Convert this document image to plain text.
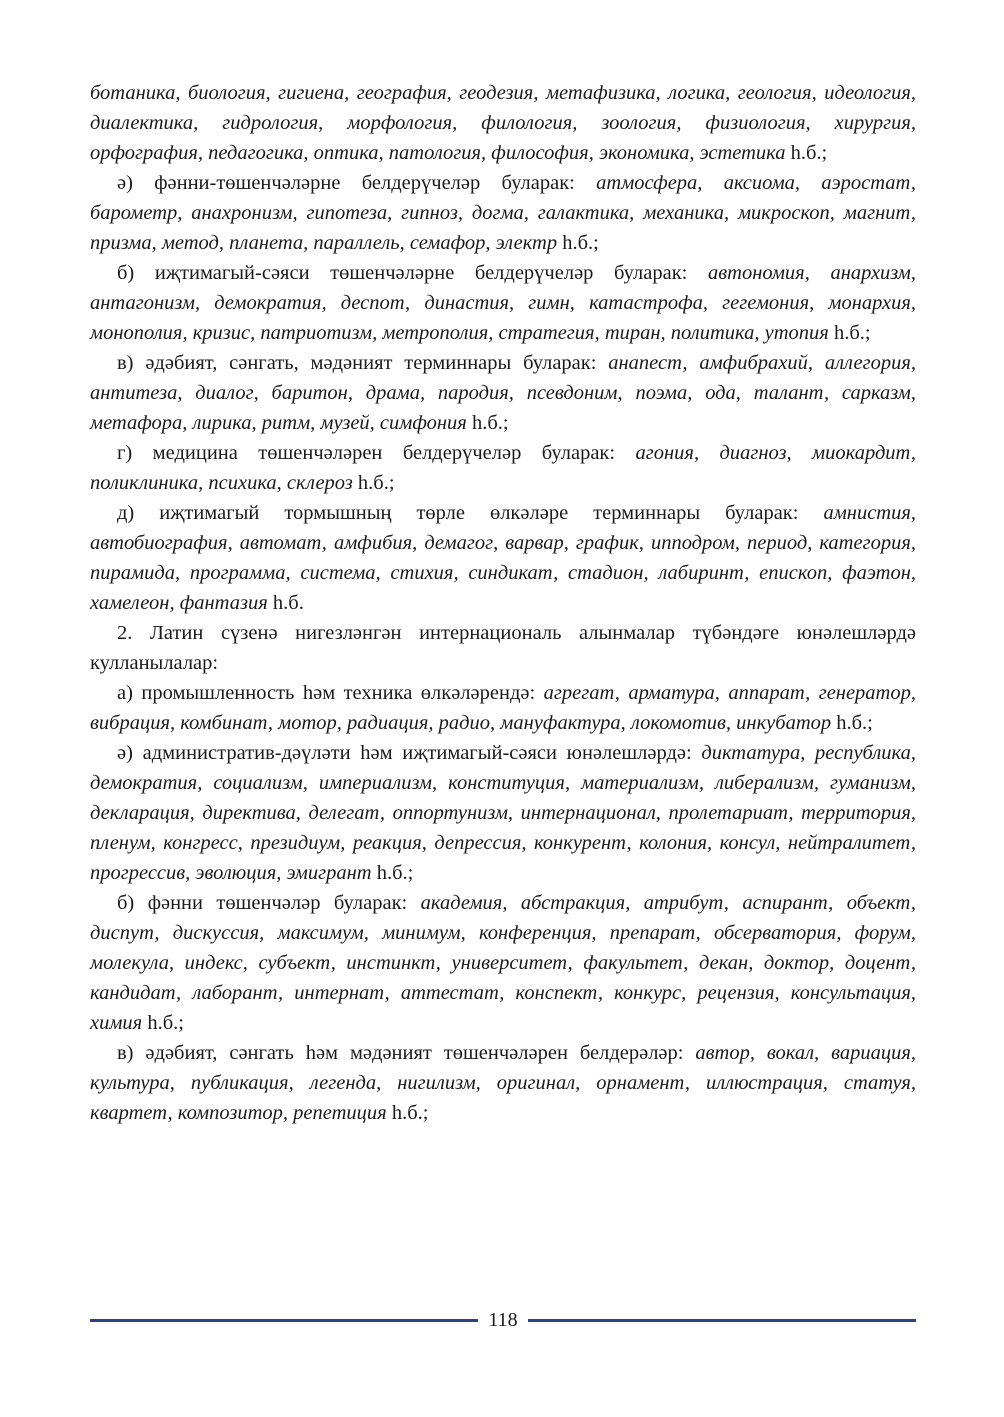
ботаника, биология, гигиена, география, геодезия, метафизика, логика, геология, идеология, диалектика, гидрология, морфология, филология, зоология, физиология, хирургия, орфография, педагогика, оптика, патология, философия, экономика, эстетика һ.б.;

ә) фәнни-төшенчәләрне белдерүчеләр буларак: атмосфера, аксиома, аэростат, барометр, анахронизм, гипотеза, гипноз, догма, галактика, механика, микроскоп, магнит, призма, метод, планета, параллель, семафор, электр һ.б.;

б) иҗтимагый-сәяси төшенчәләрне белдерүчеләр буларак: автономия, анархизм, антагонизм, демократия, деспот, династия, гимн, катастрофа, гегемония, монархия, монополия, кризис, патриотизм, метрополия, стратегия, тиран, политика, утопия һ.б.;

в) әдәбият, сәнгать, мәдәният терминнары буларак: анапест, амфибрахий, аллегория, антитеза, диалог, баритон, драма, пародия, псевдоним, поэма, ода, талант, сарказм, метафора, лирика, ритм, музей, симфония һ.б.;

г) медицина төшенчәләрен белдерүчеләр буларак: агония, диагноз, миокардит, поликлиника, психика, склероз һ.б.;

д) иҗтимагый тормышның төрле өлкәләре терминнары буларак: амнистия, автобиография, автомат, амфибия, демагог, варвар, график, ипподром, период, категория, пирамида, программа, система, стихия, синдикат, стадион, лабиринт, епископ, фаэтон, хамелеон, фантазия һ.б.

2. Латин сүзенә нигезләнгән интернациональ алынмалар түбәндәге юнәлешләрдә кулланылалар:

а) промышленность һәм техника өлкәләрендә: агрегат, арматура, аппарат, генератор, вибрация, комбинат, мотор, радиация, радио, мануфактура, локомотив, инкубатор һ.б.;

ә) административ-дәүләти һәм иҗтимагый-сәяси юнәлешләрдә: диктатура, республика, демократия, социализм, империализм, конституция, материализм, либерализм, гуманизм, декларация, директива, делегат, оппортунизм, интернационал, пролетариат, территория, пленум, конгресс, президиум, реакция, депрессия, конкурент, колония, консул, нейтралитет, прогрессив, эволюция, эмигрант һ.б.;

б) фәнни төшенчәләр буларак: академия, абстракция, атрибут, аспирант, объект, диспут, дискуссия, максимум, минимум, конференция, препарат, обсерватория, форум, молекула, индекс, субъект, инстинкт, университет, факультет, декан, доктор, доцент, кандидат, лаборант, интернат, аттестат, конспект, конкурс, рецензия, консультация, химия һ.б.;

в) әдәбият, сәнгать һәм мәдәният төшенчәләрен белдерәләр: автор, вокал, вариация, культура, публикация, легенда, нигилизм, оригинал, орнамент, иллюстрация, статуя, квартет, композитор, репетиция һ.б.;

118
